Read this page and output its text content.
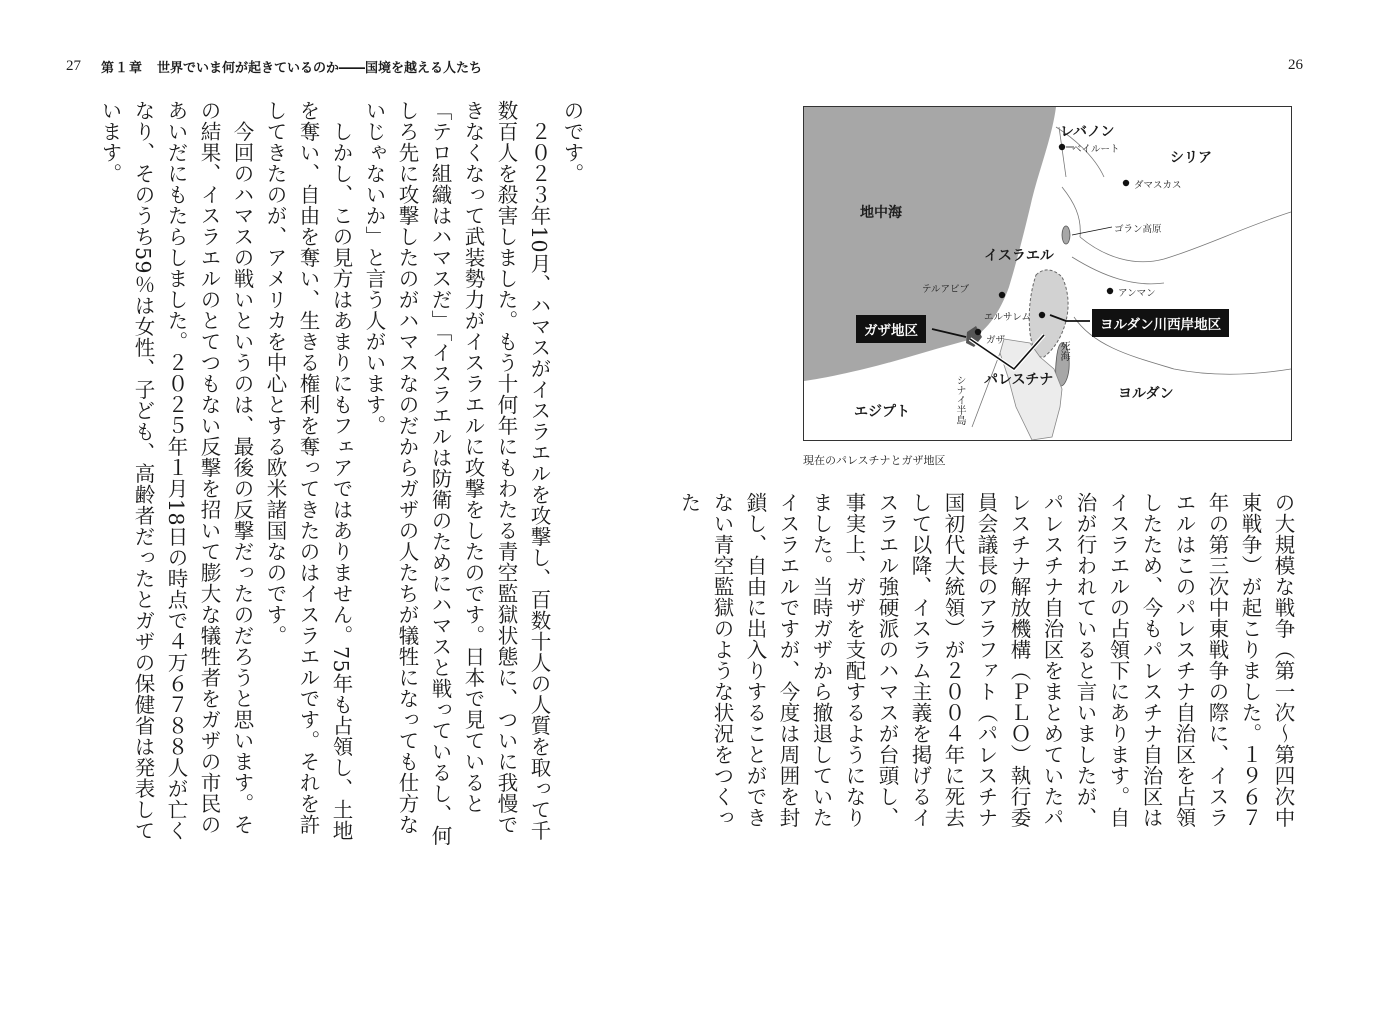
27 第１章 世界でいま何が起きているのか――国境を越える人たち	26

のです。

２０２３年10月、ハマスがイスラエルを攻撃し、百数十人の人質を取って千数百人を殺害しました。もう十何年にもわたる青空監獄状態に、ついに我慢できなくなって武装勢力がイスラエルに攻撃をしたのです。日本で見ていると「テロ組織はハマスだ」「イスラエルは防衛のためにハマスと戦っているし、何しろ先に攻撃したのがハマスなのだからガザの人たちが犠牲になっても仕方ないじゃないか」と言う人がいます。

しかし、この見方はあまりにもフェアではありません。75年も占領し、土地を奪い、自由を奪い、生きる権利を奪ってきたのはイスラエルです。それを許してきたのが、アメリカを中心とする欧米諸国なのです。

今回のハマスの戦いというのは、最後の反撃だったのだろうと思います。その結果、イスラエルのとてつもない反撃を招いて膨大な犠牲者をガザの市民のあいだにもたらしました。２０２５年１月18日の時点で４万６７８８人が亡くなり、そのうち59％は女性、子ども、高齢者だったとガザの保健省は発表しています。	レバノン
ベイルート
シリア
ダマスカス
地中海
ゴラン高原
イスラエル
アンマン
テルアビブ
エルサレム
ガザ
ガザ地区	ヨルダン川西岸地区
死海
パレスチナ
シナイ半島
エジプト
ヨルダン
現在のパレスチナとガザ地区

の大規模な戦争（第一次～第四次中東戦争）が起こりました。１９６７年の第三次中東戦争の際に、イスラエルはこのパレスチナ自治区を占領したため、今もパレスチナ自治区はイスラエルの占領下にあります。自治が行われていると言いましたが、パレスチナ自治区をまとめていたパレスチナ解放機構（ＰＬＯ）執行委員会議長のアラファト（パレスチナ国初代大統領）が２００４年に死去して以降、イスラム主義を掲げるイスラエル強硬派のハマスが台頭し、事実上、ガザを支配するようになりました。当時ガザから撤退していたイスラエルですが、今度は周囲を封鎖し、自由に出入りすることができない青空監獄のような状況をつくった
